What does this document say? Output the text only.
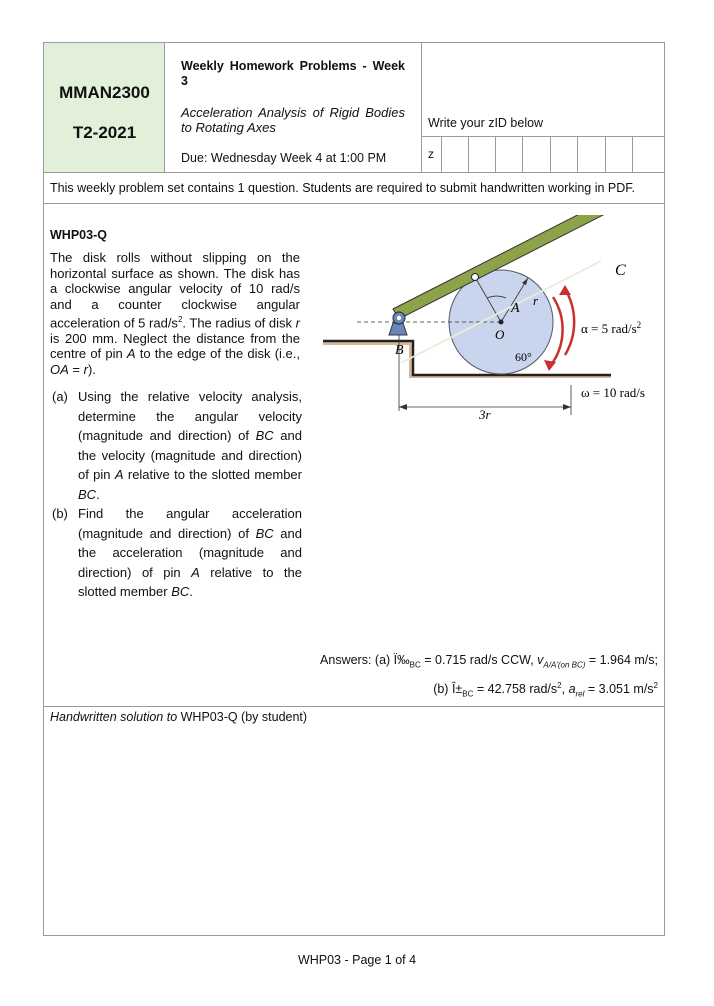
MMAN2300
T2-2021
Weekly Homework Problems - Week 3
Acceleration Analysis of Rigid Bodies to Rotating Axes
Due: Wednesday Week 4 at 1:00 PM
Write your zID below
z
This weekly problem set contains 1 question. Students are required to submit handwritten working in PDF.
WHP03-Q
The disk rolls without slipping on the horizontal surface as shown. The disk has a clockwise angular velocity of 10 rad/s and a counter clockwise angular acceleration of 5 rad/$s^2$. The radius of disk r is 200 mm. Neglect the distance from the centre of pin A to the edge of the disk (i.e., OA = r).
(a) Using the relative velocity analysis, determine the angular velocity (magnitude and direction) of BC and the velocity (magnitude and direction) of pin A relative to the slotted member BC.
(b) Find the angular acceleration (magnitude and direction) of BC and the acceleration (magnitude and direction) of pin A relative to the slotted member BC.
C
A
B
O
r
60°
α = 5 rad/$s^2$
ω = 10 rad/s
3r
Answers: (a) $Ï‰_{BC} = 0.715$ rad/s CCW, $v_{A/A'(on BC)} = 1.964$ m/s;
(b) $Î\pm_{BC} = 42.758$ rad/$s^2$, $a_{rel} = 3.051$ $m/s^2$
Handwritten solution to WHP03-Q (by student)
WHP03 - Page 1 of 4
